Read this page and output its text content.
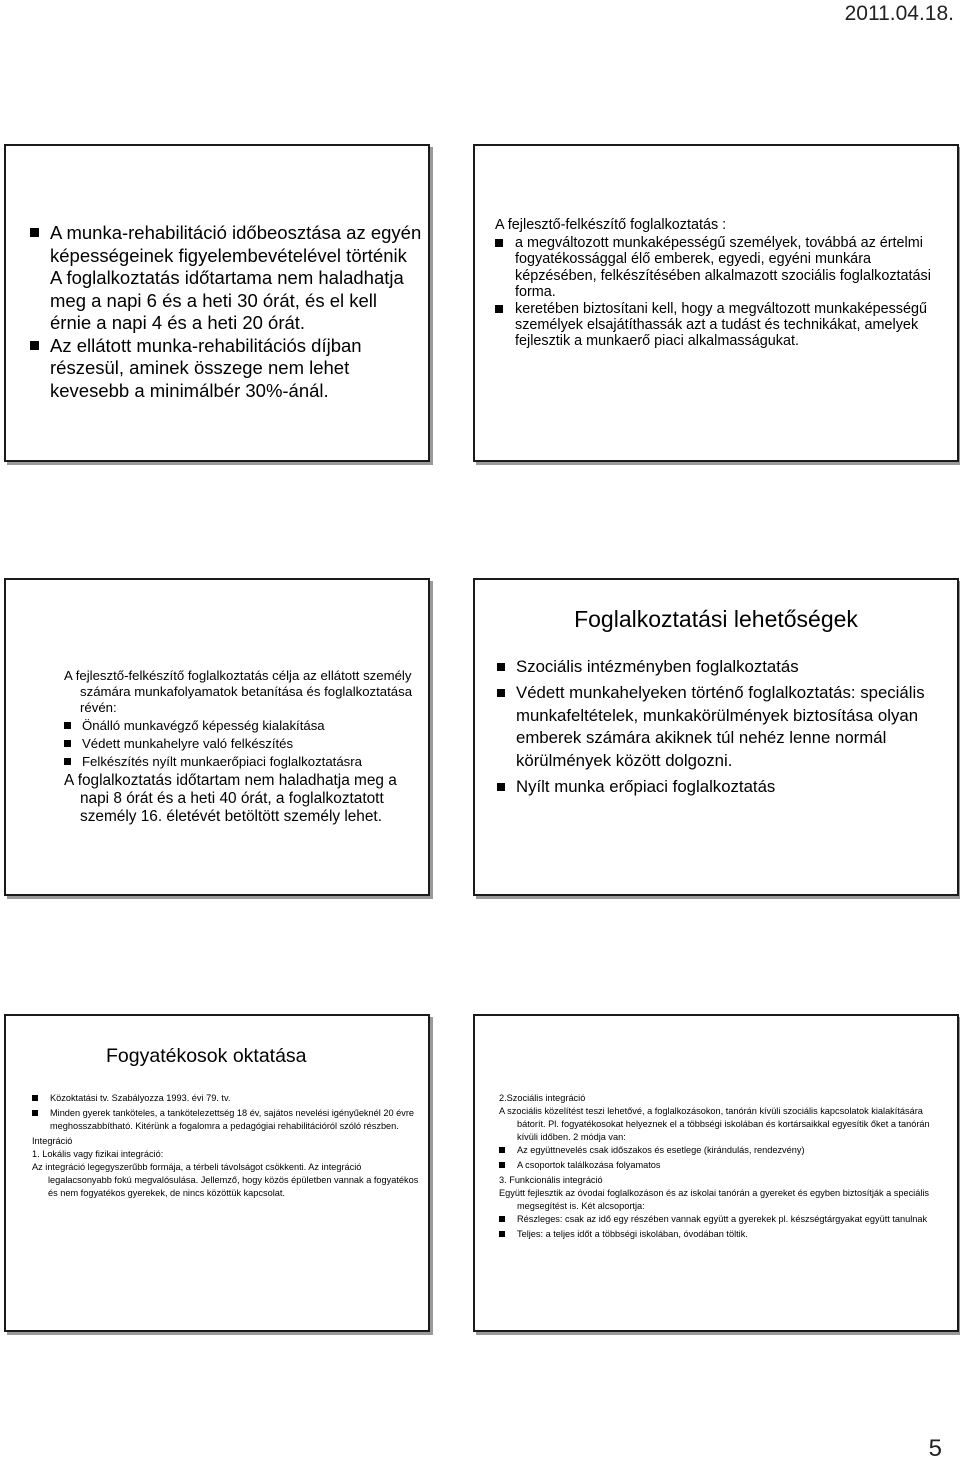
2011.04.18.
A munka-rehabilitáció időbeosztása az egyén képességeinek figyelembevételével történik A foglalkoztatás időtartama nem haladhatja meg a napi 6 és a heti 30 órát, és el kell érnie a napi 4 és a heti 20 órát.
Az ellátott munka-rehabilitációs díjban részesül, aminek összege nem lehet kevesebb a minimálbér 30%-ánál.
A fejlesztő-felkészítő foglalkoztatás :
a megváltozott munkaképességű személyek, továbbá az értelmi fogyatékossággal élő emberek, egyedi, egyéni munkára képzésében, felkészítésében alkalmazott szociális foglalkoztatási forma.
keretében biztosítani kell, hogy a megváltozott munkaképességű személyek elsajátíthassák azt a tudást és technikákat, amelyek fejlesztik a munkaerő piaci alkalmasságukat.
A fejlesztő-felkészítő foglalkoztatás célja az ellátott személy számára munkafolyamatok betanítása és foglalkoztatása révén:
Önálló munkavégző képesség kialakítása
Védett munkahelyre való felkészítés
Felkészítés nyílt munkaerőpiaci foglalkoztatásra
A foglalkoztatás időtartam nem haladhatja meg a napi 8 órát és a heti 40 órát, a foglalkoztatott személy 16. életévét betöltött személy lehet.
Foglalkoztatási lehetőségek
Szociális intézményben foglalkoztatás
Védett munkahelyeken történő foglalkoztatás: speciális munkafeltételek, munkakörülmények biztosítása olyan emberek számára akiknek túl nehéz lenne normál körülmények között dolgozni.
Nyílt munka erőpiaci foglalkoztatás
Fogyatékosok oktatása
Közoktatási tv. Szabályozza 1993. évi 79. tv.
Minden gyerek tanköteles, a tankötelezettség 18 év, sajátos nevelési igényűeknél 20 évre meghosszabbítható. Kitérünk a fogalomra a pedagógiai rehabilitációról szóló részben.
Integráció
1. Lokális vagy fizikai integráció:
Az integráció legegyszerűbb formája, a térbeli távolságot csökkenti. Az integráció legalacsonyabb fokú megvalósulása. Jellemző, hogy közös épületben vannak a fogyatékos és nem fogyatékos gyerekek, de nincs közöttük kapcsolat.
2.Szociális integráció
A szociális közelítést teszi lehetővé, a foglalkozásokon, tanórán kívüli szociális kapcsolatok kialakítására bátorít. Pl. fogyatékosokat helyeznek el a többségi iskolában és kortársaikkal egyesítik őket a tanórán kívüli időben. 2 módja van:
Az együttnevelés csak időszakos és esetlege (kirándulás, rendezvény)
A csoportok találkozása folyamatos
3. Funkcionális integráció
Együtt fejlesztik az óvodai foglalkozáson és az iskolai tanórán a gyereket és egyben biztosítják a speciális megsegítést is. Két alcsoportja:
Részleges: csak az idő egy részében vannak együtt a gyerekek pl. készségtárgyakat együtt tanulnak
Teljes: a teljes időt a többségi iskolában, óvodában töltik.
5
